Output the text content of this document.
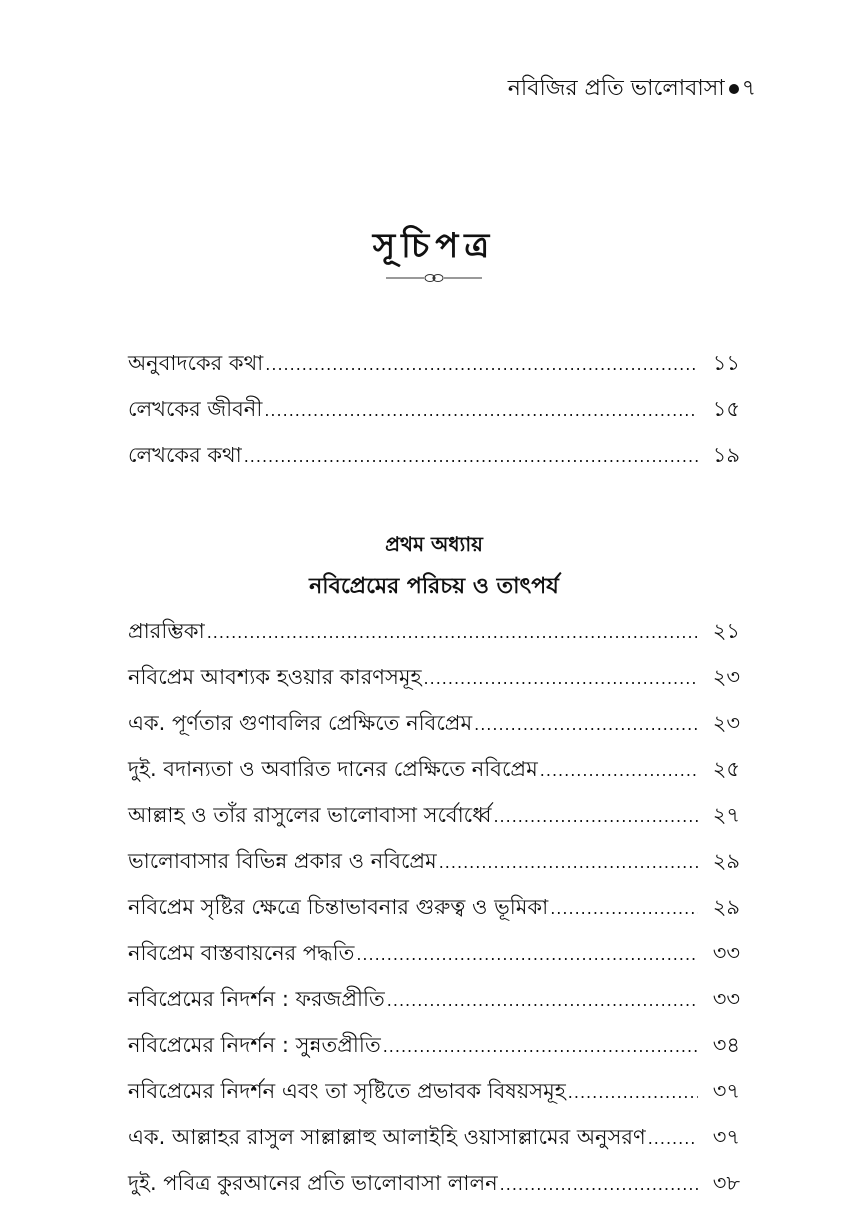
নবিজির প্রতি ভালোবাসা ৭
সূচিপত্র
অনুবাদকের কথা .....	১১
লেখকের জীবনী .....	১৫
লেখকের কথা .....	১৯
প্রথম অধ্যায়
নবিপ্রেমের পরিচয় ও তাৎপর্য
প্রারম্ভিকা .....	২১
নবিপ্রেম আবশ্যক হওয়ার কারণসমূহ .....	২৩
এক. পূর্ণতার গুণাবলির প্রেক্ষিতে নবিপ্রেম .....	২৩
দুই. বদান্যতা ও অবারিত দানের প্রেক্ষিতে নবিপ্রেম .....	২৫
আল্লাহ ও তাঁর রাসুলের ভালোবাসা সর্বোর্ধ্বে .....	২৭
ভালোবাসার বিভিন্ন প্রকার ও নবিপ্রেম .....	২৯
নবিপ্রেম সৃষ্টির ক্ষেত্রে চিন্তাভাবনার গুরুত্ব ও ভূমিকা .....	২৯
নবিপ্রেম বাস্তবায়নের পদ্ধতি .....	৩৩
নবিপ্রেমের নিদর্শন : ফরজপ্রীতি .....	৩৩
নবিপ্রেমের নিদর্শন : সুন্নতপ্রীতি .....	৩৪
নবিপ্রেমের নিদর্শন এবং তা সৃষ্টিতে প্রভাবক বিষয়সমূহ .....	৩৭
এক. আল্লাহর রাসুল সাল্লাল্লাহু আলাইহি ওয়াসাল্লামের অনুসরণ .....	৩৭
দুই. পবিত্র কুরআনের প্রতি ভালোবাসা লালন .....	৩৮
